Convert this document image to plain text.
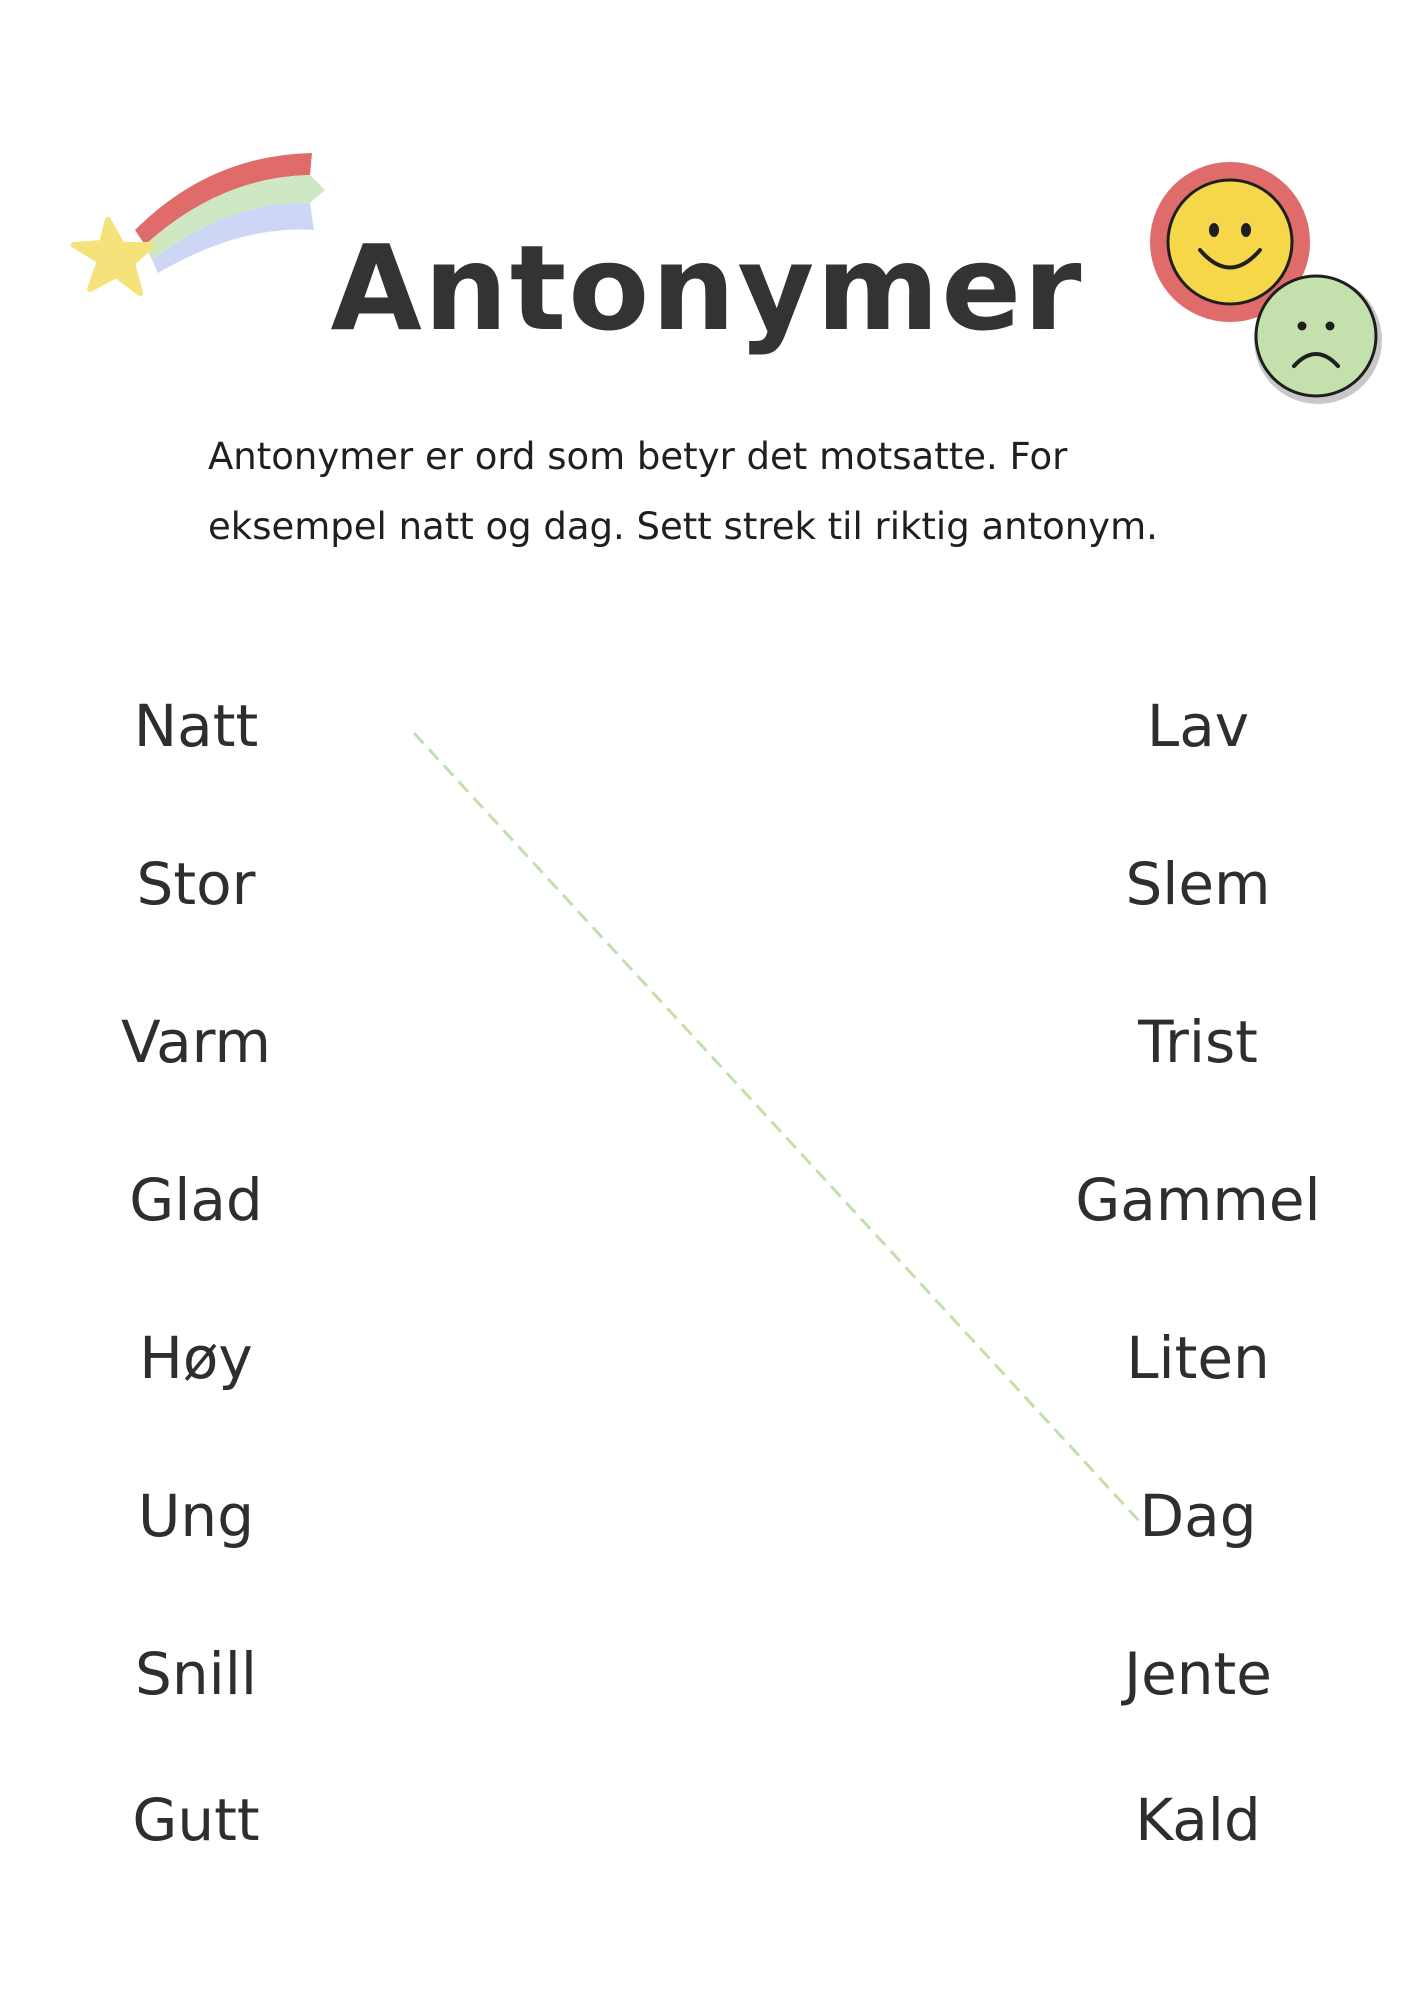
Antonymer

Antonymer er ord som betyr det motsatte. For eksempel natt og dag. Sett strek til riktig antonym.

Natt
Stor
Varm
Glad
Høy
Ung
Snill
Gutt
Lav
Slem
Trist
Gammel
Liten
Dag
Jente
Kald
